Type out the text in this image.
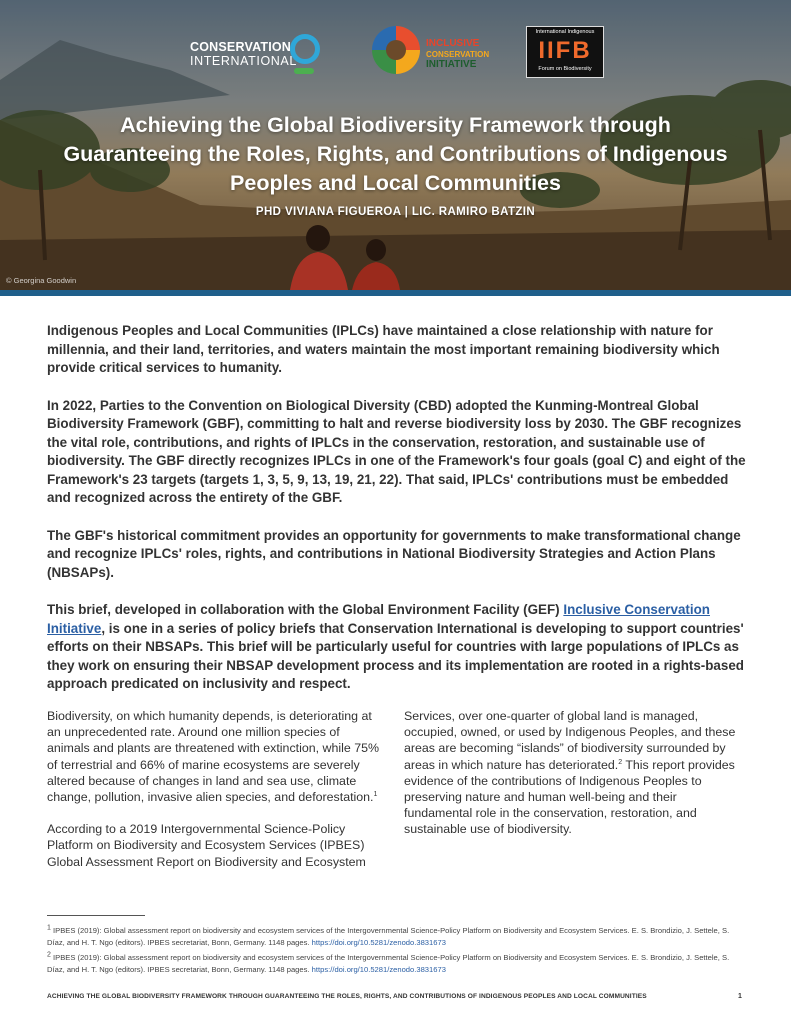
CONSERVATION
INTERNATIONAL
INCLUSIVE
CONSERVATION
INITIATIVE
International Indigenous
IIFB
Forum on Biodiversity
Achieving the Global Biodiversity Framework through Guaranteeing the Roles, Rights, and Contributions of Indigenous Peoples and Local Communities
PHD VIVIANA FIGUEROA | LIC. RAMIRO BATZIN
© Georgina Goodwin

Indigenous Peoples and Local Communities (IPLCs) have maintained a close relationship with nature for millennia, and their land, territories, and waters maintain the most important remaining biodiversity which provide critical services to humanity.

In 2022, Parties to the Convention on Biological Diversity (CBD) adopted the Kunming-Montreal Global Biodiversity Framework (GBF), committing to halt and reverse biodiversity loss by 2030. The GBF recognizes the vital role, contributions, and rights of IPLCs in the conservation, restoration, and sustainable use of biodiversity. The GBF directly recognizes IPLCs in one of the Framework's four goals (goal C) and eight of the Framework's 23 targets (targets 1, 3, 5, 9, 13, 19, 21, 22). That said, IPLCs' contributions must be embedded and recognized across the entirety of the GBF.

The GBF's historical commitment provides an opportunity for governments to make transformational change and recognize IPLCs' roles, rights, and contributions in National Biodiversity Strategies and Action Plans (NBSAPs).

This brief, developed in collaboration with the Global Environment Facility (GEF) Inclusive Conservation Initiative, is one in a series of policy briefs that Conservation International is developing to support countries' efforts on their NBSAPs. This brief will be particularly useful for countries with large populations of IPLCs as they work on ensuring their NBSAP development process and its implementation are rooted in a rights-based approach predicated on inclusivity and respect.

Biodiversity, on which humanity depends, is deteriorating at an unprecedented rate. Around one million species of animals and plants are threatened with extinction, while 75% of terrestrial and 66% of marine ecosystems are severely altered because of changes in land and sea use, climate change, pollution, invasive alien species, and deforestation.$^1$

According to a 2019 Intergovernmental Science-Policy Platform on Biodiversity and Ecosystem Services (IPBES) Global Assessment Report on Biodiversity and Ecosystem

Services, over one-quarter of global land is managed, occupied, owned, or used by Indigenous Peoples, and these areas are becoming “islands” of biodiversity surrounded by areas in which nature has deteriorated.$^2$ This report provides evidence of the contributions of Indigenous Peoples to preserving nature and human well-being and their fundamental role in the conservation, restoration, and sustainable use of biodiversity.

$^1$ IPBES (2019): Global assessment report on biodiversity and ecosystem services of the Intergovernmental Science-Policy Platform on Biodiversity and Ecosystem Services. E. S. Brondizio, J. Settele, S. Díaz, and H. T. Ngo (editors). IPBES secretariat, Bonn, Germany. 1148 pages. https://doi.org/10.5281/zenodo.3831673
$^2$ IPBES (2019): Global assessment report on biodiversity and ecosystem services of the Intergovernmental Science-Policy Platform on Biodiversity and Ecosystem Services. E. S. Brondizio, J. Settele, S. Díaz, and H. T. Ngo (editors). IPBES secretariat, Bonn, Germany. 1148 pages. https://doi.org/10.5281/zenodo.3831673
ACHIEVING THE GLOBAL BIODIVERSITY FRAMEWORK THROUGH GUARANTEEING THE ROLES, RIGHTS, AND CONTRIBUTIONS OF INDIGENOUS PEOPLES AND LOCAL COMMUNITIES	1
